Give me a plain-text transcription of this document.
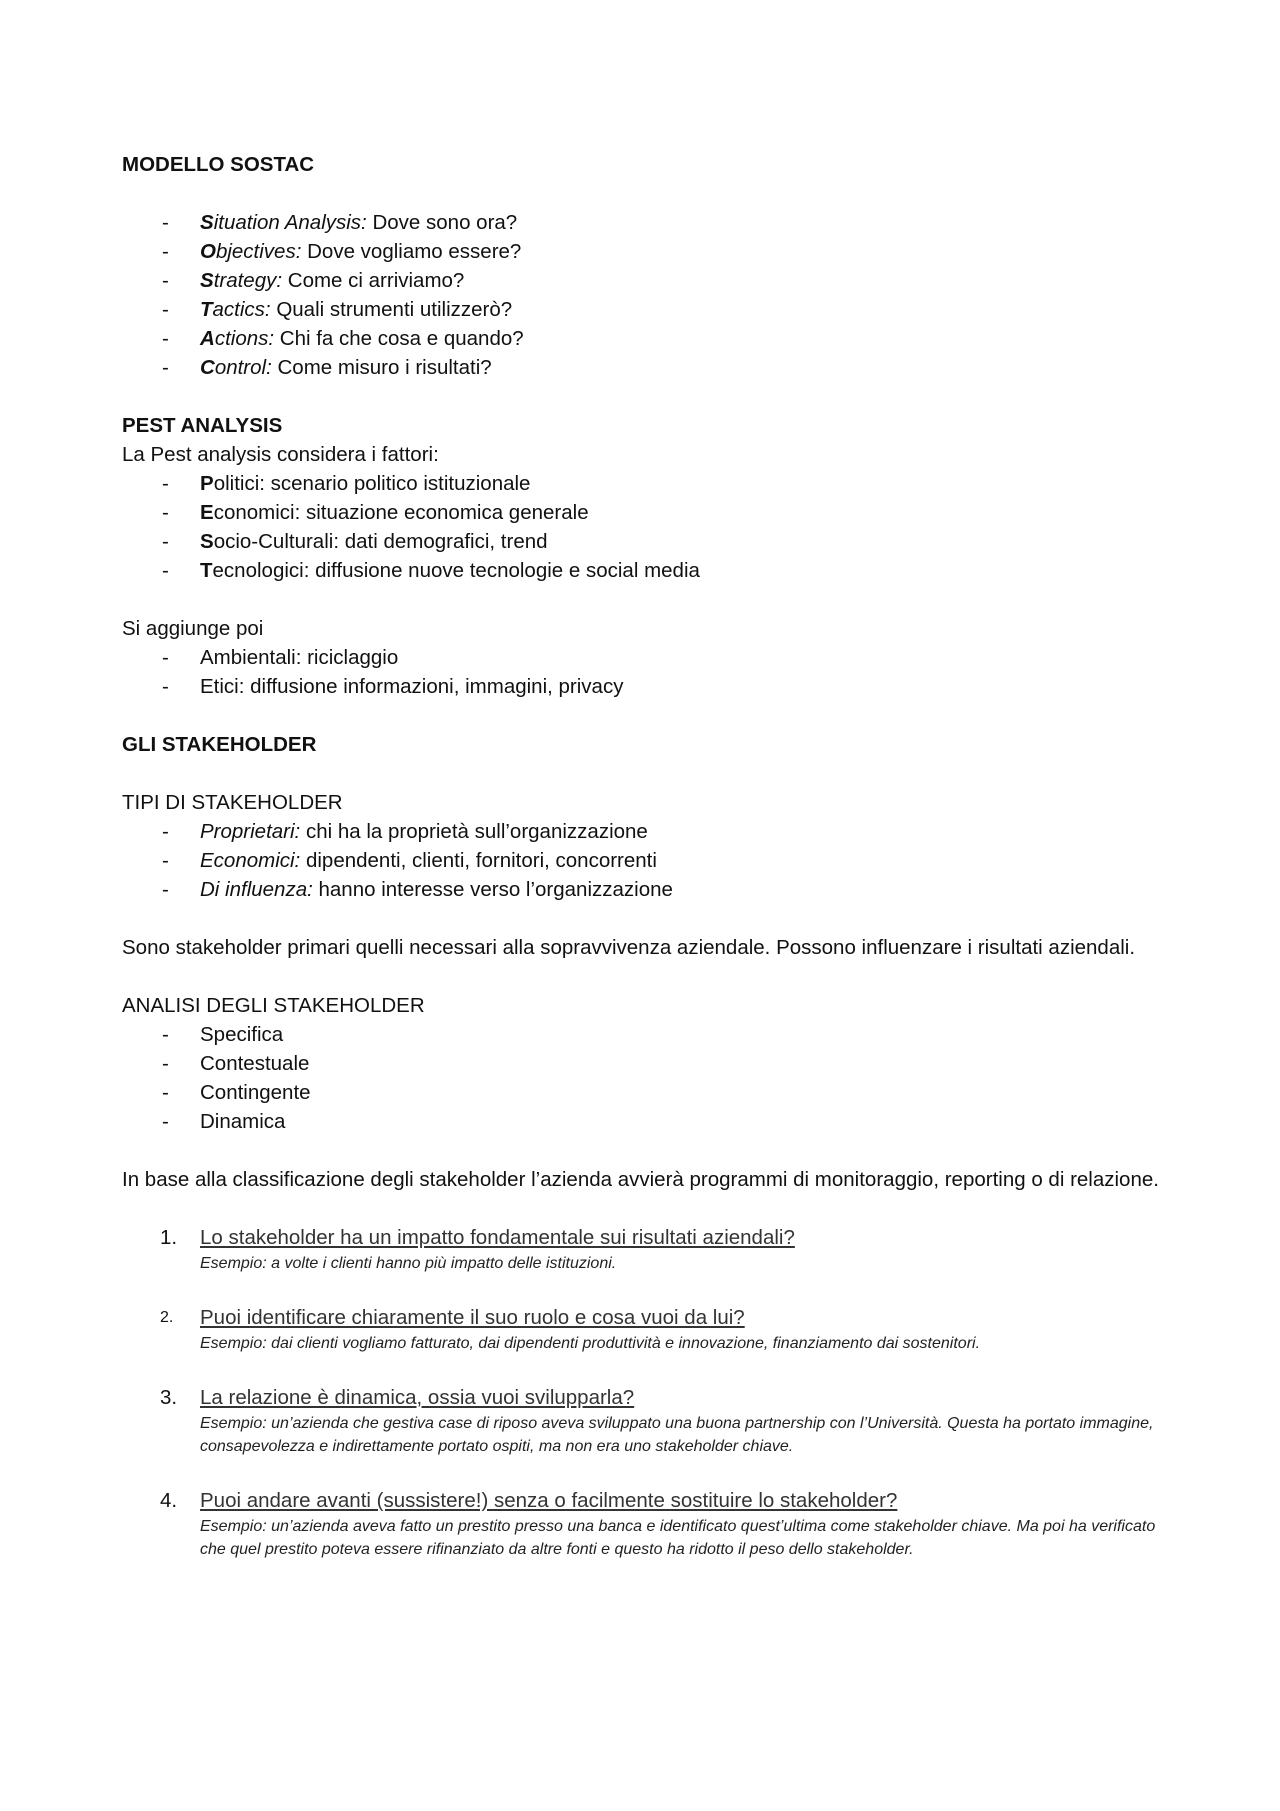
MODELLO SOSTAC
- Situation Analysis: Dove sono ora?
- Objectives: Dove vogliamo essere?
- Strategy: Come ci arriviamo?
- Tactics: Quali strumenti utilizzerò?
- Actions: Chi fa che cosa e quando?
- Control: Come misuro i risultati?
PEST ANALYSIS
La Pest analysis considera i fattori:
- Politici: scenario politico istituzionale
- Economici: situazione economica generale
- Socio-Culturali: dati demografici, trend
- Tecnologici: diffusione nuove tecnologie e social media
Si aggiunge poi
- Ambientali: riciclaggio
- Etici: diffusione informazioni, immagini, privacy
GLI STAKEHOLDER
TIPI DI STAKEHOLDER
- Proprietari: chi ha la proprietà sull’organizzazione
- Economici: dipendenti, clienti, fornitori, concorrenti
- Di influenza: hanno interesse verso l’organizzazione

Sono stakeholder primari quelli necessari alla sopravvivenza aziendale. Possono influenzare i risultati aziendali.

ANALISI DEGLI STAKEHOLDER
- Specifica
- Contestuale
- Contingente
- Dinamica

In base alla classificazione degli stakeholder l’azienda avvierà programmi di monitoraggio, reporting o di relazione.

1. Lo stakeholder ha un impatto fondamentale sui risultati aziendali?
Esempio: a volte i clienti hanno più impatto delle istituzioni.
2. Puoi identificare chiaramente il suo ruolo e cosa vuoi da lui?
Esempio: dai clienti vogliamo fatturato, dai dipendenti produttività e innovazione, finanziamento dai sostenitori.
3. La relazione è dinamica, ossia vuoi svilupparla?
Esempio: un’azienda che gestiva case di riposo aveva sviluppato una buona partnership con l’Università. Questa ha portato immagine, consapevolezza e indirettamente portato ospiti, ma non era uno stakeholder chiave.
4. Puoi andare avanti (sussistere!) senza o facilmente sostituire lo stakeholder?
Esempio: un’azienda aveva fatto un prestito presso una banca e identificato quest’ultima come stakeholder chiave. Ma poi ha verificato che quel prestito poteva essere rifinanziato da altre fonti e questo ha ridotto il peso dello stakeholder.
